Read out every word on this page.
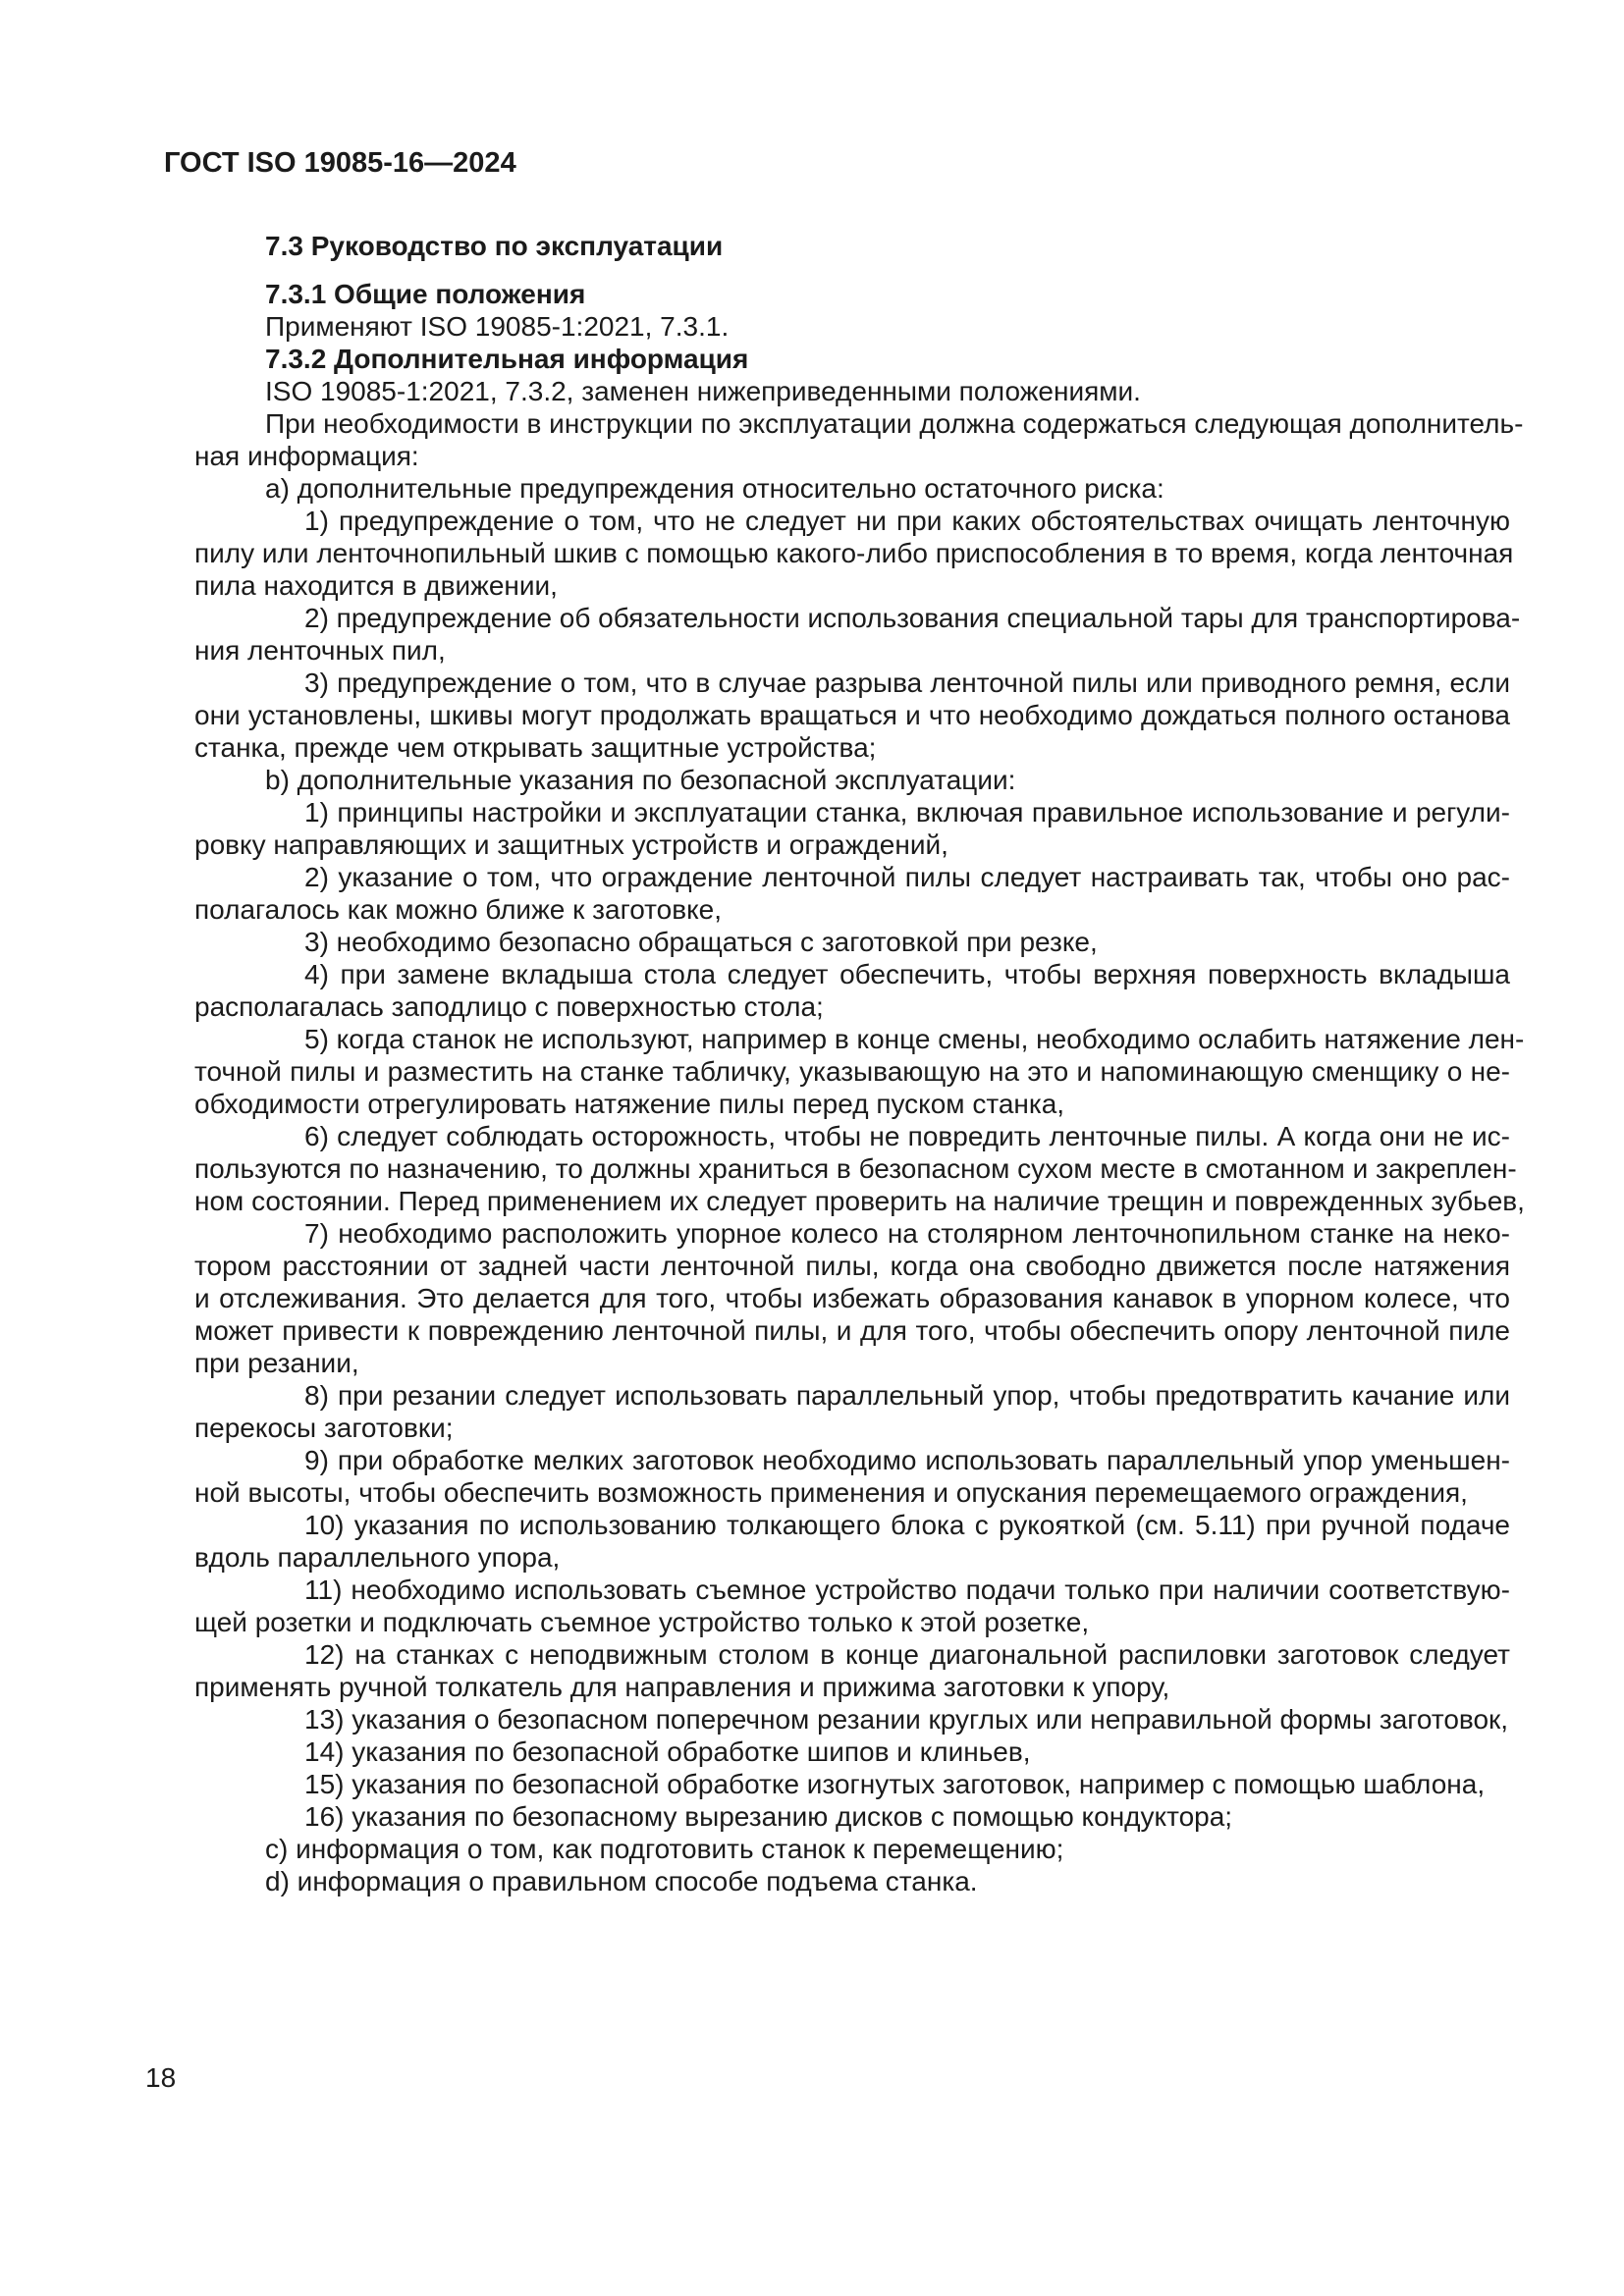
ГОСТ ISO 19085-16—2024
7.3 Руководство по эксплуатации
7.3.1 Общие положения
Применяют ISO 19085-1:2021, 7.3.1.
7.3.2 Дополнительная информация
ISO 19085-1:2021, 7.3.2, заменен нижеприведенными положениями.
При необходимости в инструкции по эксплуатации должна содержаться следующая дополнитель-
ная информация:
a) дополнительные предупреждения относительно остаточного риска:
1) предупреждение о том, что не следует ни при каких обстоятельствах очищать ленточную
пилу или ленточнопильный шкив с помощью какого-либо приспособления в то время, когда ленточная
пила находится в движении,
2) предупреждение об обязательности использования специальной тары для транспортирова-
ния ленточных пил,
3) предупреждение о том, что в случае разрыва ленточной пилы или приводного ремня, если
они установлены, шкивы могут продолжать вращаться и что необходимо дождаться полного останова
станка, прежде чем открывать защитные устройства;
b) дополнительные указания по безопасной эксплуатации:
1) принципы настройки и эксплуатации станка, включая правильное использование и регули-
ровку направляющих и защитных устройств и ограждений,
2) указание о том, что ограждение ленточной пилы следует настраивать так, чтобы оно рас-
полагалось как можно ближе к заготовке,
3) необходимо безопасно обращаться с заготовкой при резке,
4) при замене вкладыша стола следует обеспечить, чтобы верхняя поверхность вкладыша
располагалась заподлицо с поверхностью стола;
5) когда станок не используют, например в конце смены, необходимо ослабить натяжение лен-
точной пилы и разместить на станке табличку, указывающую на это и напоминающую сменщику о не-
обходимости отрегулировать натяжение пилы перед пуском станка,
6) следует соблюдать осторожность, чтобы не повредить ленточные пилы. А когда они не ис-
пользуются по назначению, то должны храниться в безопасном сухом месте в смотанном и закреплен-
ном состоянии. Перед применением их следует проверить на наличие трещин и поврежденных зубьев,
7) необходимо расположить упорное колесо на столярном ленточнопильном станке на неко-
тором расстоянии от задней части ленточной пилы, когда она свободно движется после натяжения
и отслеживания. Это делается для того, чтобы избежать образования канавок в упорном колесе, что
может привести к повреждению ленточной пилы, и для того, чтобы обеспечить опору ленточной пиле
при резании,
8) при резании следует использовать параллельный упор, чтобы предотвратить качание или
перекосы заготовки;
9) при обработке мелких заготовок необходимо использовать параллельный упор уменьшен-
ной высоты, чтобы обеспечить возможность применения и опускания перемещаемого ограждения,
10) указания по использованию толкающего блока с рукояткой (см. 5.11) при ручной подаче
вдоль параллельного упора,
11) необходимо использовать съемное устройство подачи только при наличии соответствую-
щей розетки и подключать съемное устройство только к этой розетке,
12) на станках с неподвижным столом в конце диагональной распиловки заготовок следует
применять ручной толкатель для направления и прижима заготовки к упору,
13) указания о безопасном поперечном резании круглых или неправильной формы заготовок,
14) указания по безопасной обработке шипов и клиньев,
15) указания по безопасной обработке изогнутых заготовок, например с помощью шаблона,
16) указания по безопасному вырезанию дисков с помощью кондуктора;
c) информация о том, как подготовить станок к перемещению;
d) информация о правильном способе подъема станка.
18
